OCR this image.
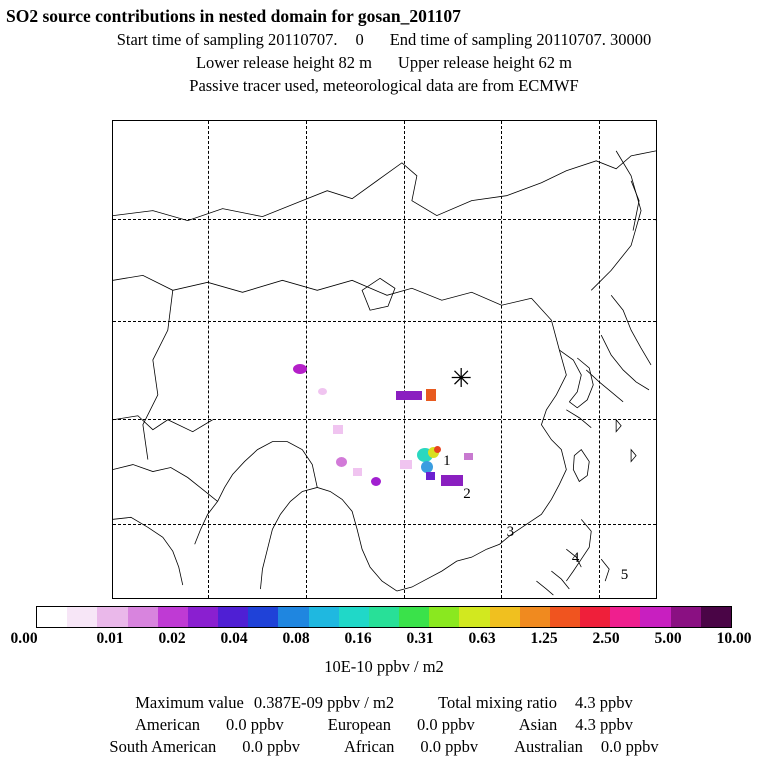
SO2 source contributions in nested domain for gosan_201107
Start time of sampling 20110707. 0 End time of sampling 20110707. 30000
Lower release height 82 m Upper release height 62 m
Passive tracer used, meteorological data are from ECMWF
✳
1
2
3
4
5
0.00	0.01 0.02 0.04 0.08 0.16 0.31 0.63 1.25 2.50 5.00 10.00
10E-10 ppbv / m2
Maximum value 0.387E-09 ppbv / m2	Total mixing ratio 4.3 ppbv
American 0.0 ppbv	European 0.0 ppbv	Asian 4.3 ppbv
South American 0.0 ppbv	African 0.0 ppbv Australian 0.0 ppbv
